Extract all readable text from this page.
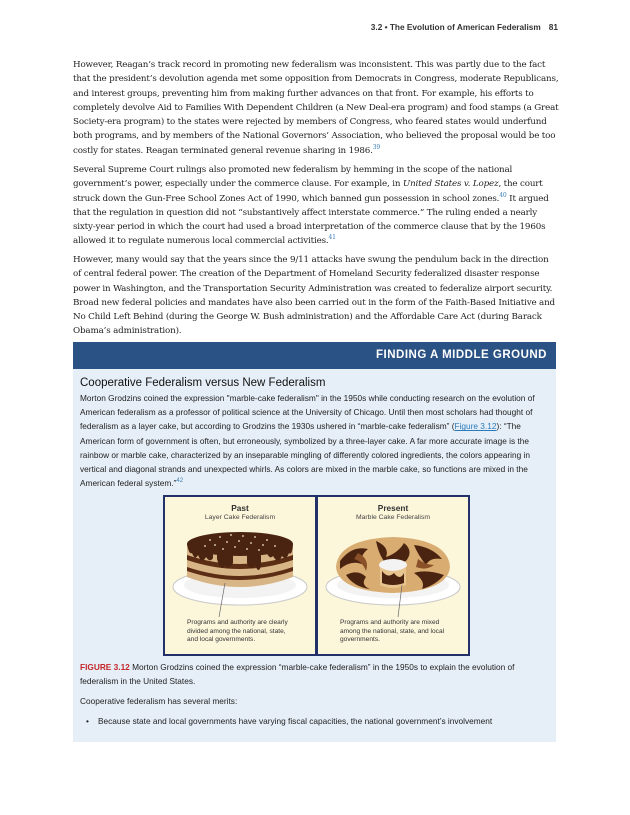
3.2 • The Evolution of American Federalism 81

However, Reagan’s track record in promoting new federalism was inconsistent. This was partly due to the fact that the president’s devolution agenda met some opposition from Democrats in Congress, moderate Republicans, and interest groups, preventing him from making further advances on that front. For example, his efforts to completely devolve Aid to Families With Dependent Children (a New Deal-era program) and food stamps (a Great Society-era program) to the states were rejected by members of Congress, who feared states would underfund both programs, and by members of the National Governors’ Association, who believed the proposal would be too costly for states. Reagan terminated general revenue sharing in 1986.39

Several Supreme Court rulings also promoted new federalism by hemming in the scope of the national government’s power, especially under the commerce clause. For example, in United States v. Lopez, the court struck down the Gun-Free School Zones Act of 1990, which banned gun possession in school zones.$^{40}$ It argued that the regulation in question did not “substantively affect interstate commerce.” The ruling ended a nearly sixty-year period in which the court had used a broad interpretation of the commerce clause that by the 1960s allowed it to regulate numerous local commercial activities.$^{41}$

However, many would say that the years since the 9/11 attacks have swung the pendulum back in the direction of central federal power. The creation of the Department of Homeland Security federalized disaster response power in Washington, and the Transportation Security Administration was created to federalize airport security. Broad new federal policies and mandates have also been carried out in the form of the Faith-Based Initiative and No Child Left Behind (during the George W. Bush administration) and the Affordable Care Act (during Barack Obama’s administration).

FINDING A MIDDLE GROUND
Cooperative Federalism versus New Federalism

Morton Grodzins coined the expression "marble-cake federalism" in the 1950s while conducting research on the evolution of American federalism as a professor of political science at the University of Chicago. Until then most scholars had thought of federalism as a layer cake, but according to Grodzins the 1930s ushered in “marble-cake federalism” (Figure 3.12): “The American form of government is often, but erroneously, symbolized by a three-layer cake. A far more accurate image is the rainbow or marble cake, characterized by an inseparable mingling of differently colored ingredients, the colors appearing in vertical and diagonal strands and unexpected whirls. As colors are mixed in the marble cake, so functions are mixed in the American federal system.”$^{42}$

Past
Layer Cake Federalism
Programs and authority are clearly divided among the national, state, and local governments.
Present
Marble Cake Federalism
Programs and authority are mixed among the national, state, and local governments.

FIGURE 3.12 Morton Grodzins coined the expression “marble-cake federalism” in the 1950s to explain the evolution of federalism in the United States.

Cooperative federalism has several merits:

• Because state and local governments have varying fiscal capacities, the national government’s involvement
